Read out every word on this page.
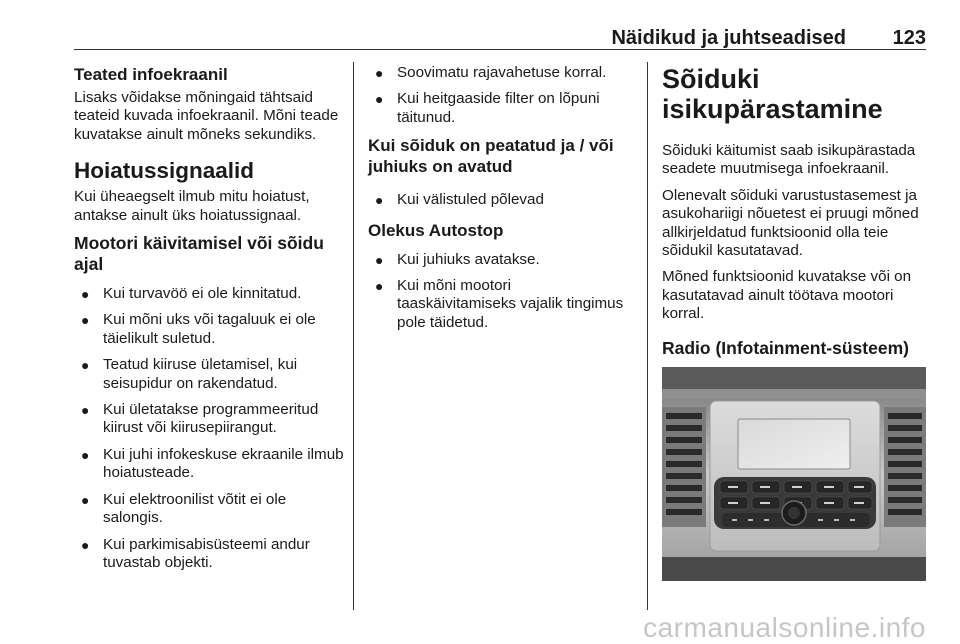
Näidikud ja juhtseadised 123
Teated infoekraanil

Lisaks võidakse mõningaid tähtsaid teateid kuvada infoekraanil. Mõni teade kuvatakse ainult mõneks sekundiks.

Hoiatussignaalid

Kui üheaegselt ilmub mitu hoiatust, antakse ainult üks hoiatussignaal.

Mootori käivitamisel või sõidu ajal
● Kui turvavöö ei ole kinnitatud.
● Kui mõni uks või tagaluuk ei ole täielikult suletud.
● Teatud kiiruse ületamisel, kui seisupidur on rakendatud.
● Kui ületatakse programmeeritud kiirust või kiirusepiirangut.
● Kui juhi infokeskuse ekraanile ilmub hoiatusteade.
● Kui elektroonilist võtit ei ole salongis.
● Kui parkimisabisüsteemi andur tuvastab objekti.
● Soovimatu rajavahetuse korral.
● Kui heitgaaside filter on lõpuni täitunud.
Kui sõiduk on peatatud ja / või juhiuks on avatud
● Kui välistuled põlevad
Olekus Autostop
● Kui juhiuks avatakse.
● Kui mõni mootori taaskäivitamiseks vajalik tingimus pole täidetud.
Sõiduki isikupärastamine

Sõiduki käitumist saab isikupärastada seadete muutmisega infoekraanil.

Olenevalt sõiduki varustustasemest ja asukohariigi nõuetest ei pruugi mõned allkirjeldatud funktsioonid olla teie sõidukil kasutatavad.

Mõned funktsioonid kuvatakse või on kasutatavad ainult töötava mootori korral.

Radio (Infotainment-süsteem)
carmanualsonline.info
